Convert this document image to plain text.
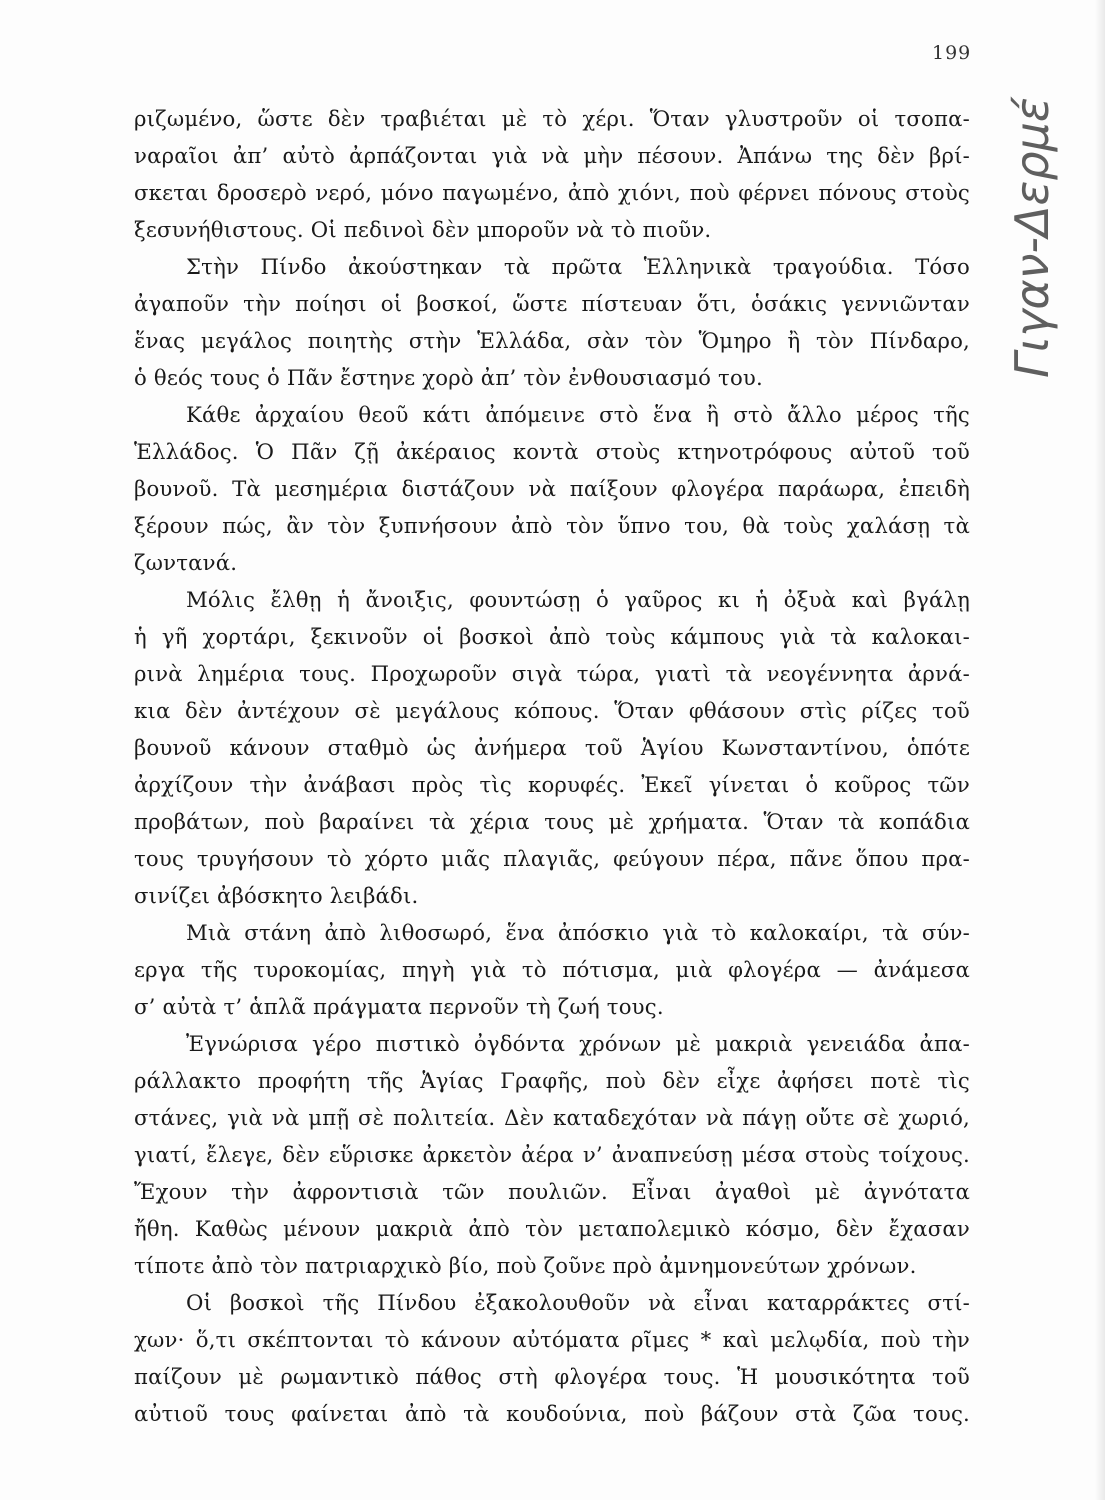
199
Γιγαν-Δερμέ
ριζωμένο, ὥστε δὲν τραβιέται μὲ τὸ χέρι. Ὅταν γλυστροῦν οἱ τσοπα-
ναραῖοι ἀπ’ αὐτὸ ἀρπάζονται γιὰ νὰ μὴν πέσουν. Ἀπάνω της δὲν βρί-
σκεται δροσερὸ νερό, μόνο παγωμένο, ἀπὸ χιόνι, ποὺ φέρνει πόνους στοὺς
ξεσυνήθιστους. Οἱ πεδινοὶ δὲν μποροῦν νὰ τὸ πιοῦν.
Στὴν Πίνδο ἀκούστηκαν τὰ πρῶτα Ἑλληνικὰ τραγούδια. Τόσο
ἀγαποῦν τὴν ποίησι οἱ βοσκοί, ὥστε πίστευαν ὅτι, ὁσάκις γεννιῶνταν
ἕνας μεγάλος ποιητὴς στὴν Ἑλλάδα, σὰν τὸν Ὅμηρο ἢ τὸν Πίνδαρο,
ὁ θεός τους ὁ Πᾶν ἔστηνε χορὸ ἀπ’ τὸν ἐνθουσιασμό του.
Κάθε ἀρχαίου θεοῦ κάτι ἀπόμεινε στὸ ἕνα ἢ στὸ ἄλλο μέρος τῆς
Ἑλλάδος. Ὁ Πᾶν ζῇ ἀκέραιος κοντὰ στοὺς κτηνοτρόφους αὐτοῦ τοῦ
βουνοῦ. Τὰ μεσημέρια διστάζουν νὰ παίξουν φλογέρα παράωρα, ἐπειδὴ
ξέρουν πώς, ἂν τὸν ξυπνήσουν ἀπὸ τὸν ὕπνο του, θὰ τοὺς χαλάσῃ τὰ
ζωντανά.
Μόλις ἔλθῃ ἡ ἄνοιξις, φουντώσῃ ὁ γαῦρος κι ἡ ὀξυὰ καὶ βγάλῃ
ἡ γῆ χορτάρι, ξεκινοῦν οἱ βοσκοὶ ἀπὸ τοὺς κάμπους γιὰ τὰ καλοκαι-
ρινὰ λημέρια τους. Προχωροῦν σιγὰ τώρα, γιατὶ τὰ νεογέννητα ἀρνά-
κια δὲν ἀντέχουν σὲ μεγάλους κόπους. Ὅταν φθάσουν στὶς ρίζες τοῦ
βουνοῦ κάνουν σταθμὸ ὡς ἀνήμερα τοῦ Ἁγίου Κωνσταντίνου, ὁπότε
ἀρχίζουν τὴν ἀνάβασι πρὸς τὶς κορυφές. Ἐκεῖ γίνεται ὁ κοῦρος τῶν
προβάτων, ποὺ βαραίνει τὰ χέρια τους μὲ χρήματα. Ὅταν τὰ κοπάδια
τους τρυγήσουν τὸ χόρτο μιᾶς πλαγιᾶς, φεύγουν πέρα, πᾶνε ὅπου πρα-
σινίζει ἀβόσκητο λειβάδι.
Μιὰ στάνη ἀπὸ λιθοσωρό, ἕνα ἀπόσκιο γιὰ τὸ καλοκαίρι, τὰ σύν-
εργα τῆς τυροκομίας, πηγὴ γιὰ τὸ πότισμα, μιὰ φλογέρα — ἀνάμεσα
σ’ αὐτὰ τ’ ἁπλᾶ πράγματα περνοῦν τὴ ζωή τους.
Ἐγνώρισα γέρο πιστικὸ ὀγδόντα χρόνων μὲ μακριὰ γενειάδα ἀπα-
ράλλακτο προφήτη τῆς Ἁγίας Γραφῆς, ποὺ δὲν εἶχε ἀφήσει ποτὲ τὶς
στάνες, γιὰ νὰ μπῇ σὲ πολιτεία. Δὲν καταδεχόταν νὰ πάγῃ οὔτε σὲ χωριό,
γιατί, ἔλεγε, δὲν εὕρισκε ἀρκετὸν ἀέρα ν’ ἀναπνεύσῃ μέσα στοὺς τοίχους.
Ἔχουν τὴν ἀφροντισιὰ τῶν πουλιῶν. Εἶναι ἀγαθοὶ μὲ ἀγνότατα
ἤθη. Καθὼς μένουν μακριὰ ἀπὸ τὸν μεταπολεμικὸ κόσμο, δὲν ἔχασαν
τίποτε ἀπὸ τὸν πατριαρχικὸ βίο, ποὺ ζοῦνε πρὸ ἀμνημονεύτων χρόνων.
Οἱ βοσκοὶ τῆς Πίνδου ἐξακολουθοῦν νὰ εἶναι καταρράκτες στί-
χων· ὅ,τι σκέπτονται τὸ κάνουν αὐτόματα ρῖμες * καὶ μελῳδία, ποὺ τὴν
παίζουν μὲ ρωμαντικὸ πάθος στὴ φλογέρα τους. Ἡ μουσικότητα τοῦ
αὐτιοῦ τους φαίνεται ἀπὸ τὰ κουδούνια, ποὺ βάζουν στὰ ζῶα τους.
